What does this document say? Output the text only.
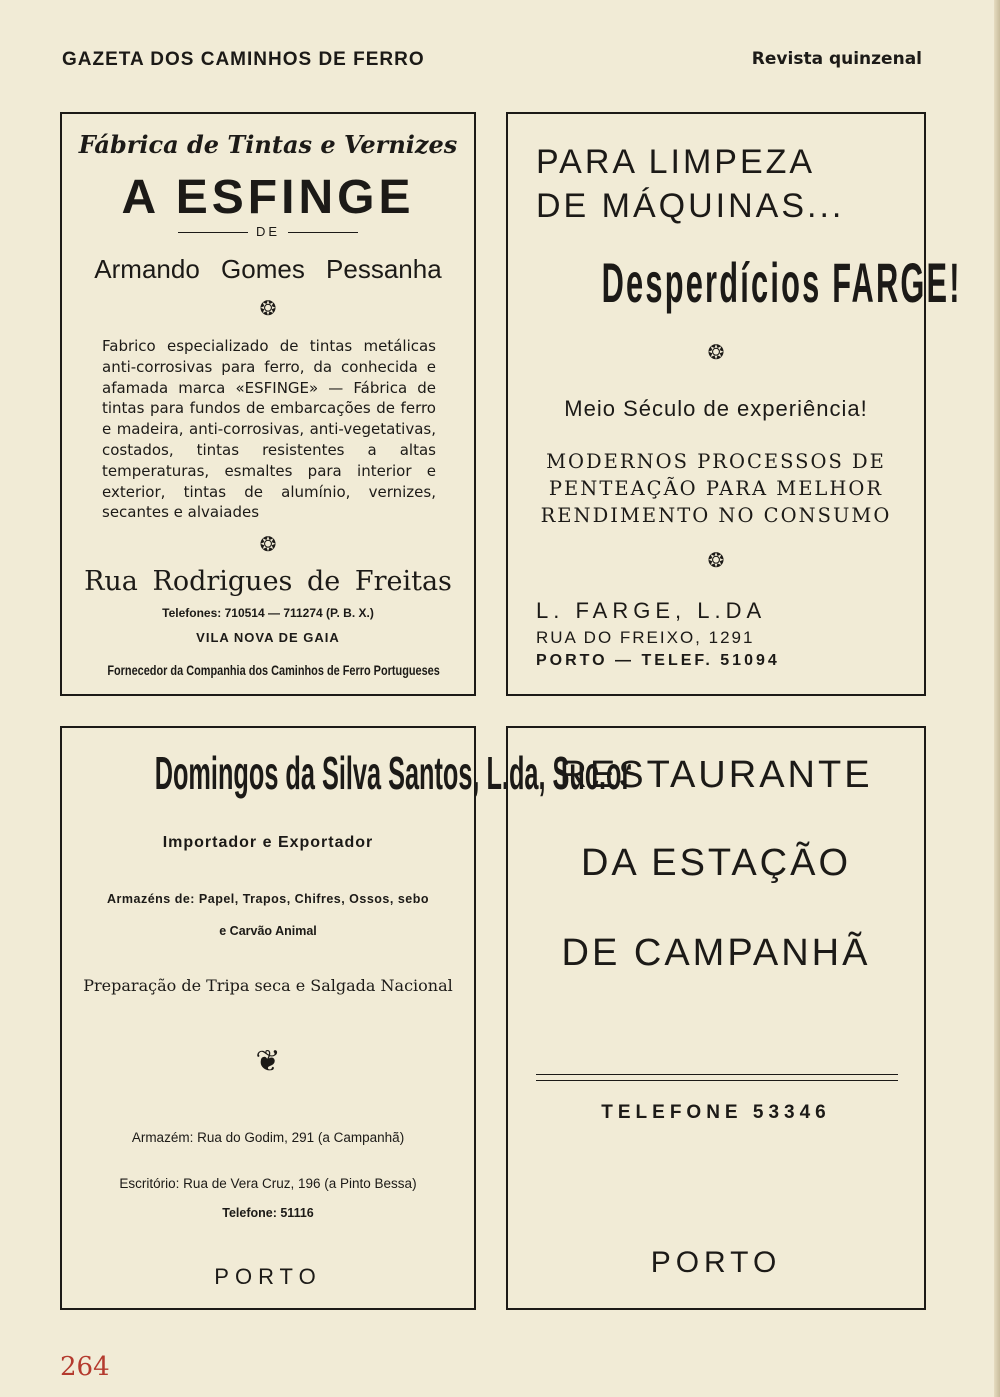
GAZETA DOS CAMINHOS DE FERRO	Revista quinzenal
Fábrica de Tintas e Vernizes
A ESFINGE
DE
Armando Gomes Pessanha
❂
Fabrico especializado de tintas metálicas anti-corrosivas para ferro, da conhecida e afamada marca «ESFINGE» — Fábrica de tintas para fundos de embarcações de ferro e madeira, anti-corrosivas, anti-vegetativas, costados, tintas resistentes a altas temperaturas, esmaltes para interior e exterior, tintas de alumínio, vernizes, secantes e alvaiades
❂
Rua Rodrigues de Freitas
Telefones: 710514 — 711274 (P. B. X.)
VILA NOVA DE GAIA
Fornecedor da Companhia dos Caminhos de Ferro Portugueses
PARA LIMPEZA
DE MÁQUINAS...
Desperdícios FARGE!
❂
Meio Século de experiência!
MODERNOS PROCESSOS DE
PENTEAÇÃO PARA MELHOR
RENDIMENTO NO CONSUMO
❂
L. FARGE, L.DA
RUA DO FREIXO, 1291
PORTO — TELEF. 51094
Domingos da Silva Santos, L.da, Suc.or
Importador e Exportador
Armazéns de: Papel, Trapos, Chifres, Ossos, sebo
e Carvão Animal
Preparação de Tripa seca e Salgada Nacional
❦
Armazém: Rua do Godim, 291 (a Campanhã)
Escritório: Rua de Vera Cruz, 196 (a Pinto Bessa)
Telefone: 51116
PORTO
RESTAURANTE
DA ESTAÇÃO
DE CAMPANHÃ
TELEFONE 53346
PORTO
264
